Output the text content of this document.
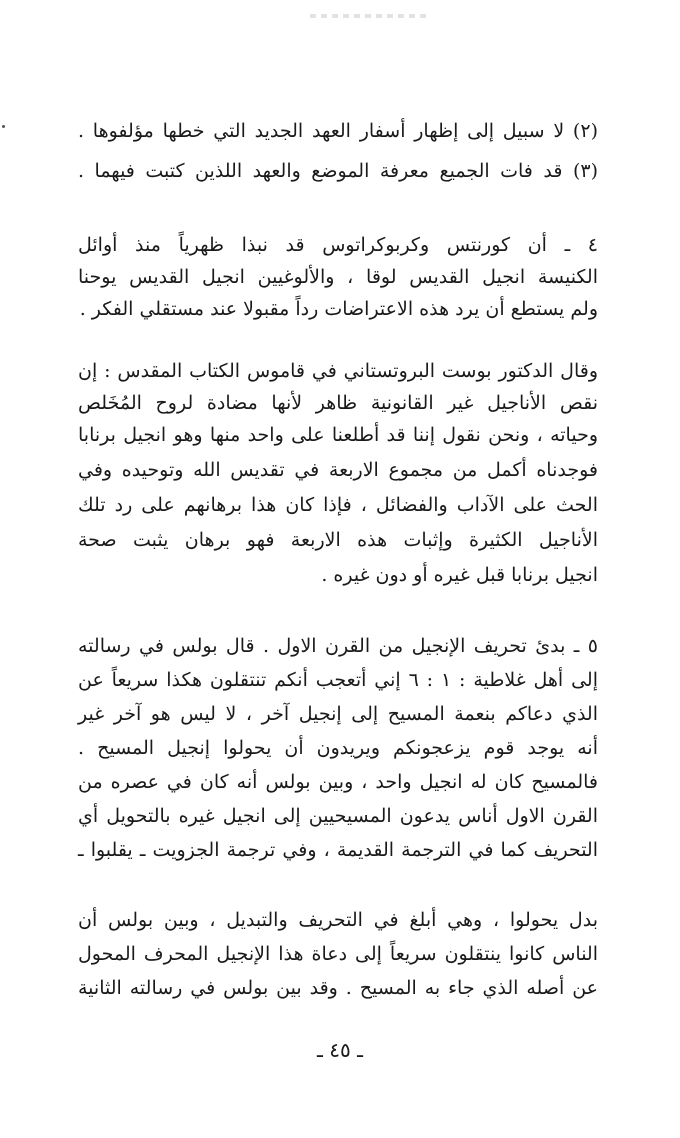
(٢) لا سبيل إلى إظهار أسفار العهد الجديد التي خطها مؤلفوها .
(٣) قد فات الجميع معرفة الموضع والعهد اللذين كتبت فيهما .
٤ ـ أن كورنتس وكربوكراتوس قد نبذا ظهرياً منذ أوائل
الكنيسة انجيل القديس لوقا ، والألوغيين انجيل القديس يوحنا
ولم يستطع أن يرد هذه الاعتراضات رداً مقبولا عند مستقلي الفكر .
وقال الدكتور بوست البروتستاني في قاموس الكتاب المقدس : إن
نقص الأناجيل غير القانونية ظاهر لأنها مضادة لروح المُخَلص
وحياته ، ونحن نقول إننا قد أطلعنا على واحد منها وهو انجيل برنابا
فوجدناه أكمل من مجموع الاربعة في تقديس الله وتوحيده وفي
الحث على الآداب والفضائل ، فإذا كان هذا برهانهم على رد تلك
الأناجيل الكثيرة وإثبات هذه الاربعة فهو برهان يثبت صحة
انجيل برنابا قبل غيره أو دون غيره .
٥ ـ بدئ تحريف الإنجيل من القرن الاول . قال بولس في رسالته
إلى أهل غلاطية : ١ : ٦ إني أتعجب أنكم تنتقلون هكذا سريعاً عن
الذي دعاكم بنعمة المسيح إلى إنجيل آخر ، لا ليس هو آخر غير
أنه يوجد قوم يزعجونكم ويريدون أن يحولوا إنجيل المسيح .
فالمسيح كان له انجيل واحد ، وبين بولس أنه كان في عصره من
القرن الاول أناس يدعون المسيحيين إلى انجيل غيره بالتحويل أي
التحريف كما في الترجمة القديمة ، وفي ترجمة الجزويت ـ يقلبوا ـ
بدل يحولوا ، وهي أبلغ في التحريف والتبديل ، وبين بولس أن
الناس كانوا ينتقلون سريعاً إلى دعاة هذا الإنجيل المحرف المحول
عن أصله الذي جاء به المسيح . وقد بين بولس في رسالته الثانية
ـ ٤٥ ـ
